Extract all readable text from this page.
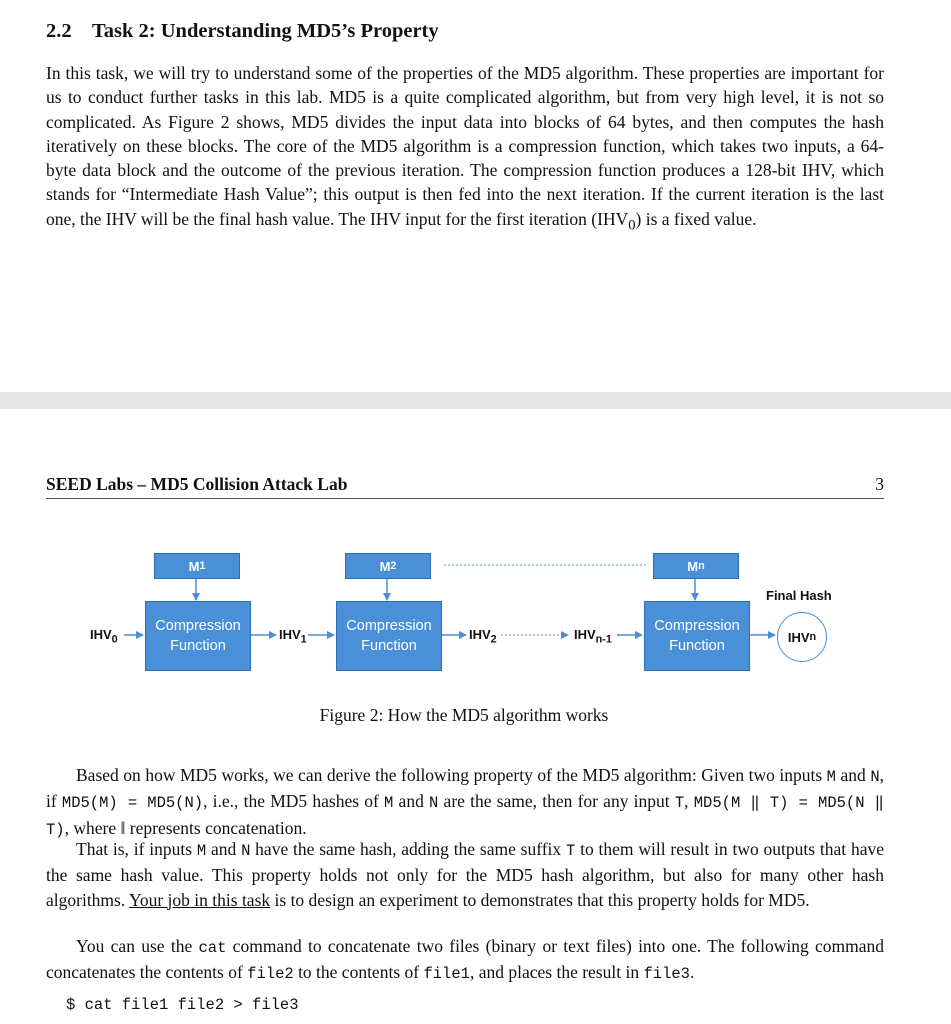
2.2 Task 2: Understanding MD5’s Property
In this task, we will try to understand some of the properties of the MD5 algorithm. These properties are important for us to conduct further tasks in this lab. MD5 is a quite complicated algorithm, but from very high level, it is not so complicated. As Figure 2 shows, MD5 divides the input data into blocks of 64 bytes, and then computes the hash iteratively on these blocks. The core of the MD5 algorithm is a compression function, which takes two inputs, a 64-byte data block and the outcome of the previous iteration. The compression function produces a 128-bit IHV, which stands for “Intermediate Hash Value”; this output is then fed into the next iteration. If the current iteration is the last one, the IHV will be the final hash value. The IHV input for the first iteration $(IHV_0)$ is a fixed value.
SEED Labs – MD5 Collision Attack Lab	3
M 1	M 2	M n
Compression
Function
Compression
Function
Compression
Function
$IHV_0$	$IHV_1$	$IHV_2$	$IHV_{n-1}$
Final Hash
IHV n
Figure 2: How the MD5 algorithm works
Based on how MD5 works, we can derive the following property of the MD5 algorithm: Given two inputs M and N, if MD5(M) = MD5(N), i.e., the MD5 hashes of M and N are the same, then for any input T, MD5(M ‖ T) = MD5(N ‖ T), where ‖ represents concatenation.
That is, if inputs M and N have the same hash, adding the same suffix T to them will result in two outputs that have the same hash value. This property holds not only for the MD5 hash algorithm, but also for many other hash algorithms. Your job in this task is to design an experiment to demonstrates that this property holds for MD5.
You can use the cat command to concatenate two files (binary or text files) into one. The following command concatenates the contents of file2 to the contents of file1, and places the result in file3.
$ cat file1 file2 > file3
